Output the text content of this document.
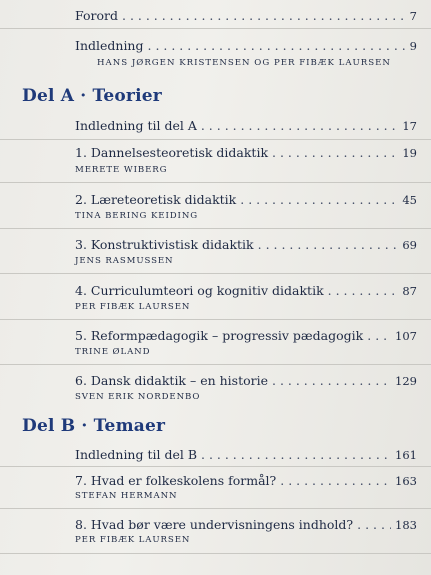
Forord . . .	7
Indledning . . .	9
HANS JØRGEN KRISTENSEN OG PER FIBÆK LAURSEN
Del A · Teorier
Indledning til del A . . .	17
1. Dannelsesteoretisk didaktik . . .	19
MERETE WIBERG
2. Læreteoretisk didaktik . . .	45
TINA BERING KEIDING
3. Konstruktivistisk didaktik . . .	69
JENS RASMUSSEN
4. Curriculumteori og kognitiv didaktik . . .	87
PER FIBÆK LAURSEN
5. Reformpædagogik – progressiv pædagogik . . .	107
TRINE ØLAND
6. Dansk didaktik – en historie . . .	129
SVEN ERIK NORDENBO
Del B · Temaer
Indledning til del B . . .	161
7. Hvad er folkeskolens formål? . . .	163
STEFAN HERMANN
8. Hvad bør være undervisningens indhold? . . .	183
PER FIBÆK LAURSEN
